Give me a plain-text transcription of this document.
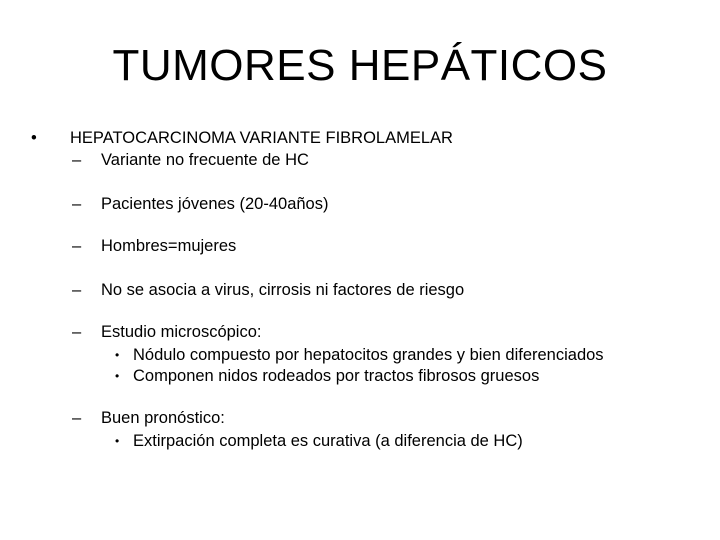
TUMORES HEPÁTICOS
• HEPATOCARCINOMA VARIANTE FIBROLAMELAR
– Variante no frecuente de HC
– Pacientes jóvenes (20-40años)
– Hombres=mujeres
– No se asocia a virus, cirrosis ni factores de riesgo
– Estudio microscópico:
• Nódulo compuesto por hepatocitos grandes y bien diferenciados
• Componen nidos rodeados por tractos fibrosos gruesos
– Buen pronóstico:
• Extirpación completa es curativa (a diferencia de HC)
